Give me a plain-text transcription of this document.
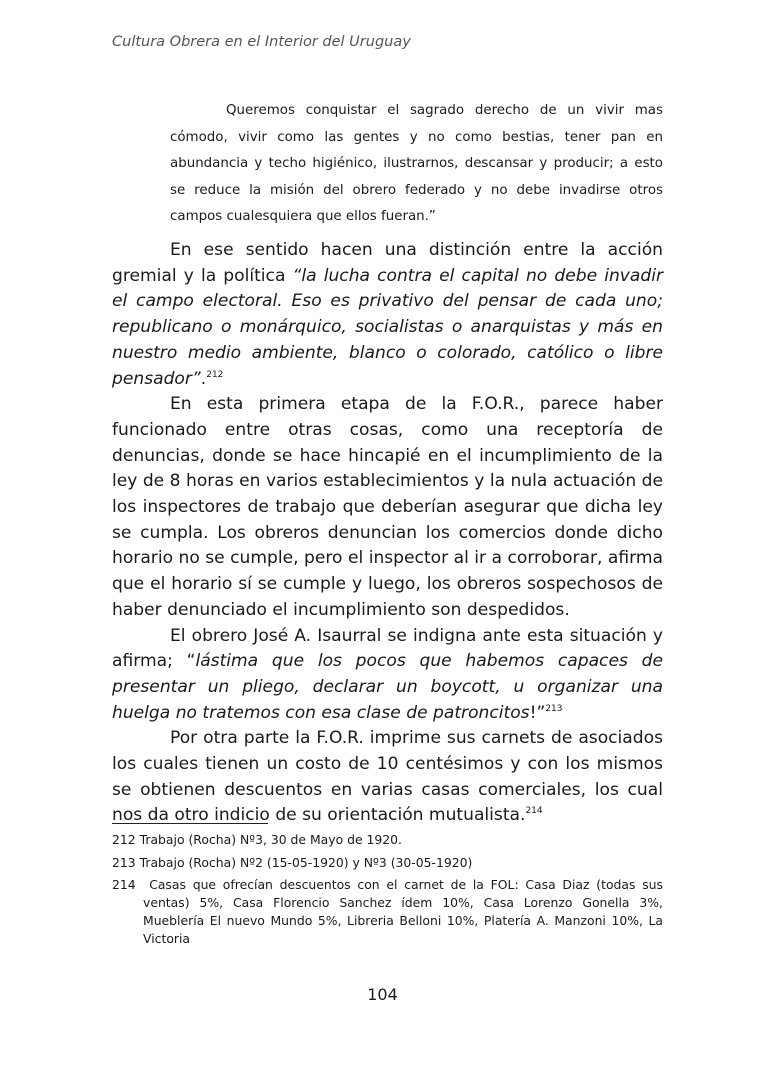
Cultura Obrera en el Interior del Uruguay

Queremos conquistar el sagrado derecho de un vivir mas cómodo, vivir como las gentes y no como bestias, tener pan en abundancia y techo higiénico, ilustrarnos, descansar y producir; a esto se reduce la misión del obrero federado y no debe invadirse otros campos cualesquiera que ellos fueran.”

En ese sentido hacen una distinción entre la acción gremial y la política “la lucha contra el capital no debe invadir el campo electoral. Eso es privativo del pensar de cada uno; republicano o monárquico, socialistas o anarquistas y más en nuestro medio ambiente, blanco o colorado, católico o libre pensador”.$^{212}$

En esta primera etapa de la F.O.R., parece haber funcionado entre otras cosas, como una receptoría de denuncias, donde se hace hincapié en el incumplimiento de la ley de 8 horas en varios establecimientos y la nula actuación de los inspectores de trabajo que deberían asegurar que dicha ley se cumpla. Los obreros denuncian los comercios donde dicho horario no se cumple, pero el inspector al ir a corroborar, afirma que el horario sí se cumple y luego, los obreros sospechosos de haber denunciado el incumplimiento son despedidos.

El obrero José A. Isaurral se indigna ante esta situación y afirma; “lástima que los pocos que habemos capaces de presentar un pliego, declarar un boycott, u organizar una huelga no tratemos con esa clase de patroncitos!”$^{213}$

Por otra parte la F.O.R. imprime sus carnets de asociados los cuales tienen un costo de 10 centésimos y con los mismos se obtienen descuentos en varias casas comerciales, los cual nos da otro indicio de su orientación mutualista.$^{214}$

212 Trabajo (Rocha) Nº3, 30 de Mayo de 1920.

213 Trabajo (Rocha) Nº2 (15-05-1920) y Nº3 (30-05-1920)

214 Casas que ofrecían descuentos con el carnet de la FOL: Casa Diaz (todas sus ventas) 5%, Casa Florencio Sanchez ídem 10%, Casa Lorenzo Gonella 3%, Mueblería El nuevo Mundo 5%, Libreria Belloni 10%, Platería A. Manzoni 10%, La Victoria

104
